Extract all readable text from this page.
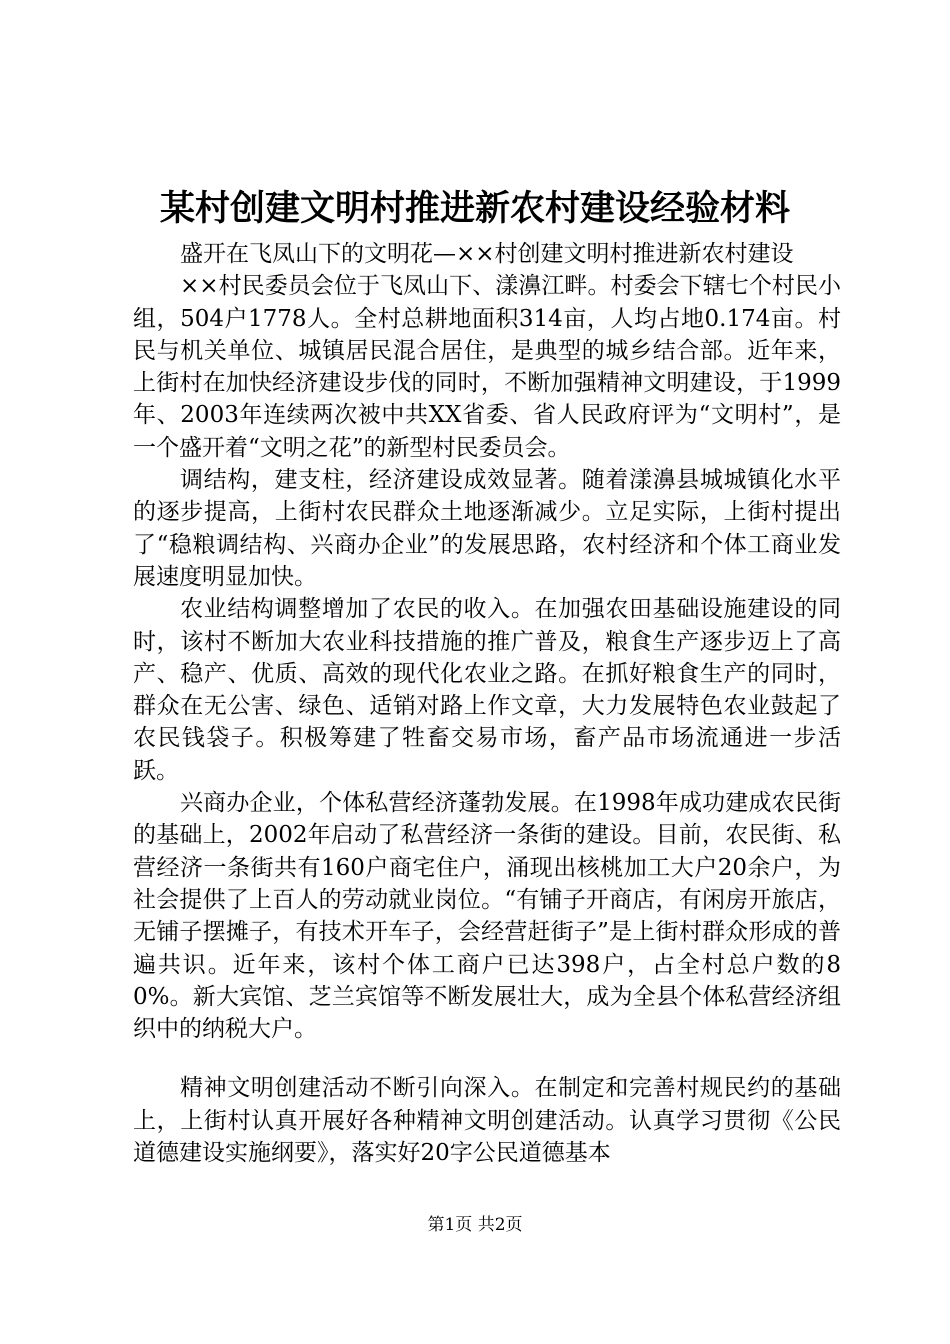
某村创建文明村推进新农村建设经验材料

盛开在飞凤山下的文明花—××村创建文明村推进新农村建设

××村民委员会位于飞凤山下、漾濞江畔。村委会下辖七个村民小组，504户1778人。全村总耕地面积314亩，人均占地0.174亩。村民与机关单位、城镇居民混合居住，是典型的城乡结合部。近年来，上街村在加快经济建设步伐的同时，不断加强精神文明建设，于1999年、2003年连续两次被中共XX省委、省人民政府评为“文明村”，是一个盛开着“文明之花”的新型村民委员会。

调结构，建支柱，经济建设成效显著。随着漾濞县城城镇化水平的逐步提高，上街村农民群众土地逐渐减少。立足实际，上街村提出了“稳粮调结构、兴商办企业”的发展思路，农村经济和个体工商业发展速度明显加快。

农业结构调整增加了农民的收入。在加强农田基础设施建设的同时，该村不断加大农业科技措施的推广普及，粮食生产逐步迈上了高产、稳产、优质、高效的现代化农业之路。在抓好粮食生产的同时，群众在无公害、绿色、适销对路上作文章，大力发展特色农业鼓起了农民钱袋子。积极筹建了牲畜交易市场，畜产品市场流通进一步活跃。

兴商办企业，个体私营经济蓬勃发展。在1998年成功建成农民街的基础上，2002年启动了私营经济一条街的建设。目前，农民街、私营经济一条街共有160户商宅住户，涌现出核桃加工大户20余户，为社会提供了上百人的劳动就业岗位。“有铺子开商店，有闲房开旅店，无铺子摆摊子，有技术开车子，会经营赶街子”是上街村群众形成的普遍共识。近年来，该村个体工商户已达398户，占全村总户数的80%。新大宾馆、芝兰宾馆等不断发展壮大，成为全县个体私营经济组织中的纳税大户。

精神文明创建活动不断引向深入。在制定和完善村规民约的基础上，上街村认真开展好各种精神文明创建活动。认真学习贯彻《公民道德建设实施纲要》，落实好20字公民道德基本

第1页 共2页
